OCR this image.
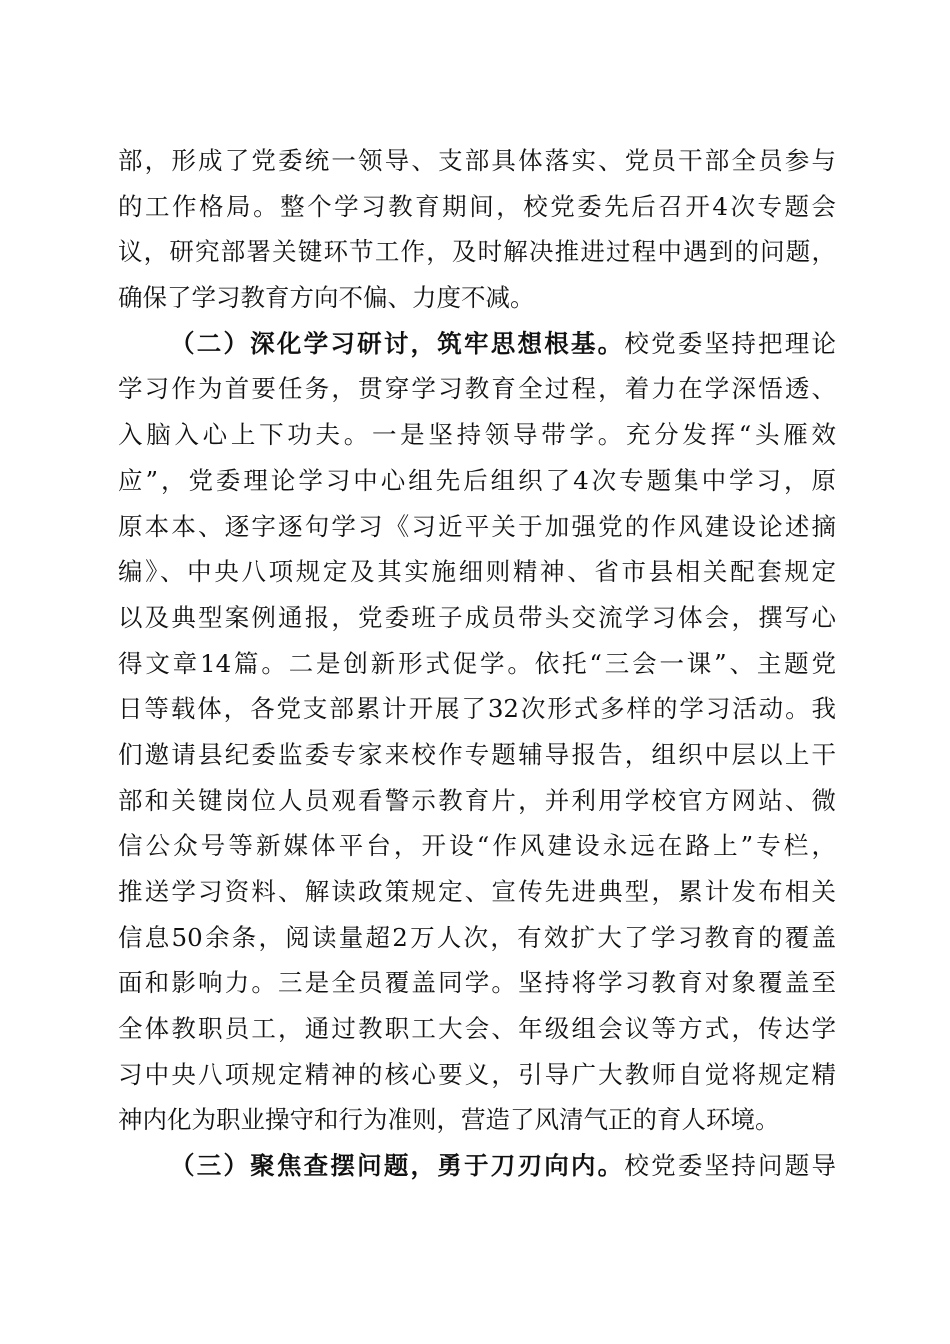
部，形成了党委统一领导、支部具体落实、党员干部全员参与
的工作格局。整个学习教育期间，校党委先后召开4次专题会
议，研究部署关键环节工作，及时解决推进过程中遇到的问题，
确保了学习教育方向不偏、力度不减。
（二）深化学习研讨，筑牢思想根基。校党委坚持把理论
学习作为首要任务，贯穿学习教育全过程，着力在学深悟透、
入脑入心上下功夫。一是坚持领导带学。充分发挥“头雁效
应”，党委理论学习中心组先后组织了4次专题集中学习，原
原本本、逐字逐句学习《习近平关于加强党的作风建设论述摘
编》、中央八项规定及其实施细则精神、省市县相关配套规定
以及典型案例通报，党委班子成员带头交流学习体会，撰写心
得文章14篇。二是创新形式促学。依托“三会一课”、主题党
日等载体，各党支部累计开展了32次形式多样的学习活动。我
们邀请县纪委监委专家来校作专题辅导报告，组织中层以上干
部和关键岗位人员观看警示教育片，并利用学校官方网站、微
信公众号等新媒体平台，开设“作风建设永远在路上”专栏，
推送学习资料、解读政策规定、宣传先进典型，累计发布相关
信息50余条，阅读量超2万人次，有效扩大了学习教育的覆盖
面和影响力。三是全员覆盖同学。坚持将学习教育对象覆盖至
全体教职员工，通过教职工大会、年级组会议等方式，传达学
习中央八项规定精神的核心要义，引导广大教师自觉将规定精
神内化为职业操守和行为准则，营造了风清气正的育人环境。
（三）聚焦查摆问题，勇于刀刃向内。校党委坚持问题导
